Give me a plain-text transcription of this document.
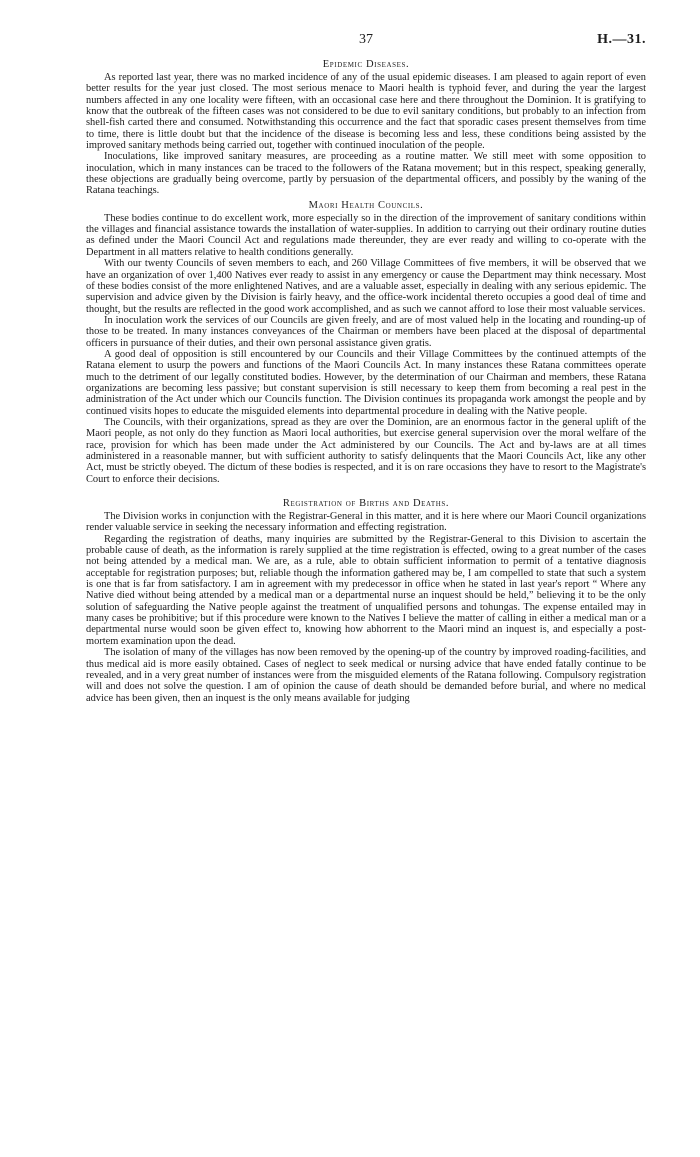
37	H.—31.
Epidemic Diseases.

As reported last year, there was no marked incidence of any of the usual epidemic diseases. I am pleased to again report of even better results for the year just closed. The most serious menace to Maori health is typhoid fever, and during the year the largest numbers affected in any one locality were fifteen, with an occasional case here and there throughout the Dominion. It is gratifying to know that the outbreak of the fifteen cases was not considered to be due to evil sanitary conditions, but probably to an infection from shell-fish carted there and consumed. Notwithstanding this occurrence and the fact that sporadic cases present themselves from time to time, there is little doubt but that the incidence of the disease is becoming less and less, these conditions being assisted by the improved sanitary methods being carried out, together with continued inoculation of the people.

Inoculations, like improved sanitary measures, are proceeding as a routine matter. We still meet with some opposition to inoculation, which in many instances can be traced to the followers of the Ratana movement; but in this respect, speaking generally, these objections are gradually being overcome, partly by persuasion of the departmental officers, and possibly by the waning of the Ratana teachings.

Maori Health Councils.

These bodies continue to do excellent work, more especially so in the direction of the improvement of sanitary conditions within the villages and financial assistance towards the installation of water-supplies. In addition to carrying out their ordinary routine duties as defined under the Maori Council Act and regulations made thereunder, they are ever ready and willing to co-operate with the Department in all matters relative to health conditions generally.

With our twenty Councils of seven members to each, and 260 Village Committees of five members, it will be observed that we have an organization of over 1,400 Natives ever ready to assist in any emergency or cause the Department may think necessary. Most of these bodies consist of the more enlightened Natives, and are a valuable asset, especially in dealing with any serious epidemic. The supervision and advice given by the Division is fairly heavy, and the office-work incidental thereto occupies a good deal of time and thought, but the results are reflected in the good work accomplished, and as such we cannot afford to lose their most valuable services.

In inoculation work the services of our Councils are given freely, and are of most valued help in the locating and rounding-up of those to be treated. In many instances conveyances of the Chairman or members have been placed at the disposal of departmental officers in pursuance of their duties, and their own personal assistance given gratis.

A good deal of opposition is still encountered by our Councils and their Village Committees by the continued attempts of the Ratana element to usurp the powers and functions of the Maori Councils Act. In many instances these Ratana committees operate much to the detriment of our legally constituted bodies. However, by the determination of our Chairman and members, these Ratana organizations are becoming less passive; but constant supervision is still necessary to keep them from becoming a real pest in the administration of the Act under which our Councils function. The Division continues its propaganda work amongst the people and by continued visits hopes to educate the misguided elements into departmental procedure in dealing with the Native people.

The Councils, with their organizations, spread as they are over the Dominion, are an enormous factor in the general uplift of the Maori people, as not only do they function as Maori local authorities, but exercise general supervision over the moral welfare of the race, provision for which has been made under the Act administered by our Councils. The Act and by-laws are at all times administered in a reasonable manner, but with sufficient authority to satisfy delinquents that the Maori Councils Act, like any other Act, must be strictly obeyed. The dictum of these bodies is respected, and it is on rare occasions they have to resort to the Magistrate's Court to enforce their decisions.

Registration of Births and Deaths.

The Division works in conjunction with the Registrar-General in this matter, and it is here where our Maori Council organizations render valuable service in seeking the necessary information and effecting registration.

Regarding the registration of deaths, many inquiries are submitted by the Registrar-General to this Division to ascertain the probable cause of death, as the information is rarely supplied at the time registration is effected, owing to a great number of the cases not being attended by a medical man. We are, as a rule, able to obtain sufficient information to permit of a tentative diagnosis acceptable for registration purposes; but, reliable though the information gathered may be, I am compelled to state that such a system is one that is far from satisfactory. I am in agreement with my predecessor in office when he stated in last year's report “ Where any Native died without being attended by a medical man or a departmental nurse an inquest should be held,” believing it to be the only solution of safeguarding the Native people against the treatment of unqualified persons and tohungas. The expense entailed may in many cases be prohibitive; but if this procedure were known to the Natives I believe the matter of calling in either a medical man or a departmental nurse would soon be given effect to, knowing how abhorrent to the Maori mind an inquest is, and especially a post-mortem examination upon the dead.

The isolation of many of the villages has now been removed by the opening-up of the country by improved roading-facilities, and thus medical aid is more easily obtained. Cases of neglect to seek medical or nursing advice that have ended fatally continue to be revealed, and in a very great number of instances were from the misguided elements of the Ratana following. Compulsory registration will and does not solve the question. I am of opinion the cause of death should be demanded before burial, and where no medical advice has been given, then an inquest is the only means available for judging
